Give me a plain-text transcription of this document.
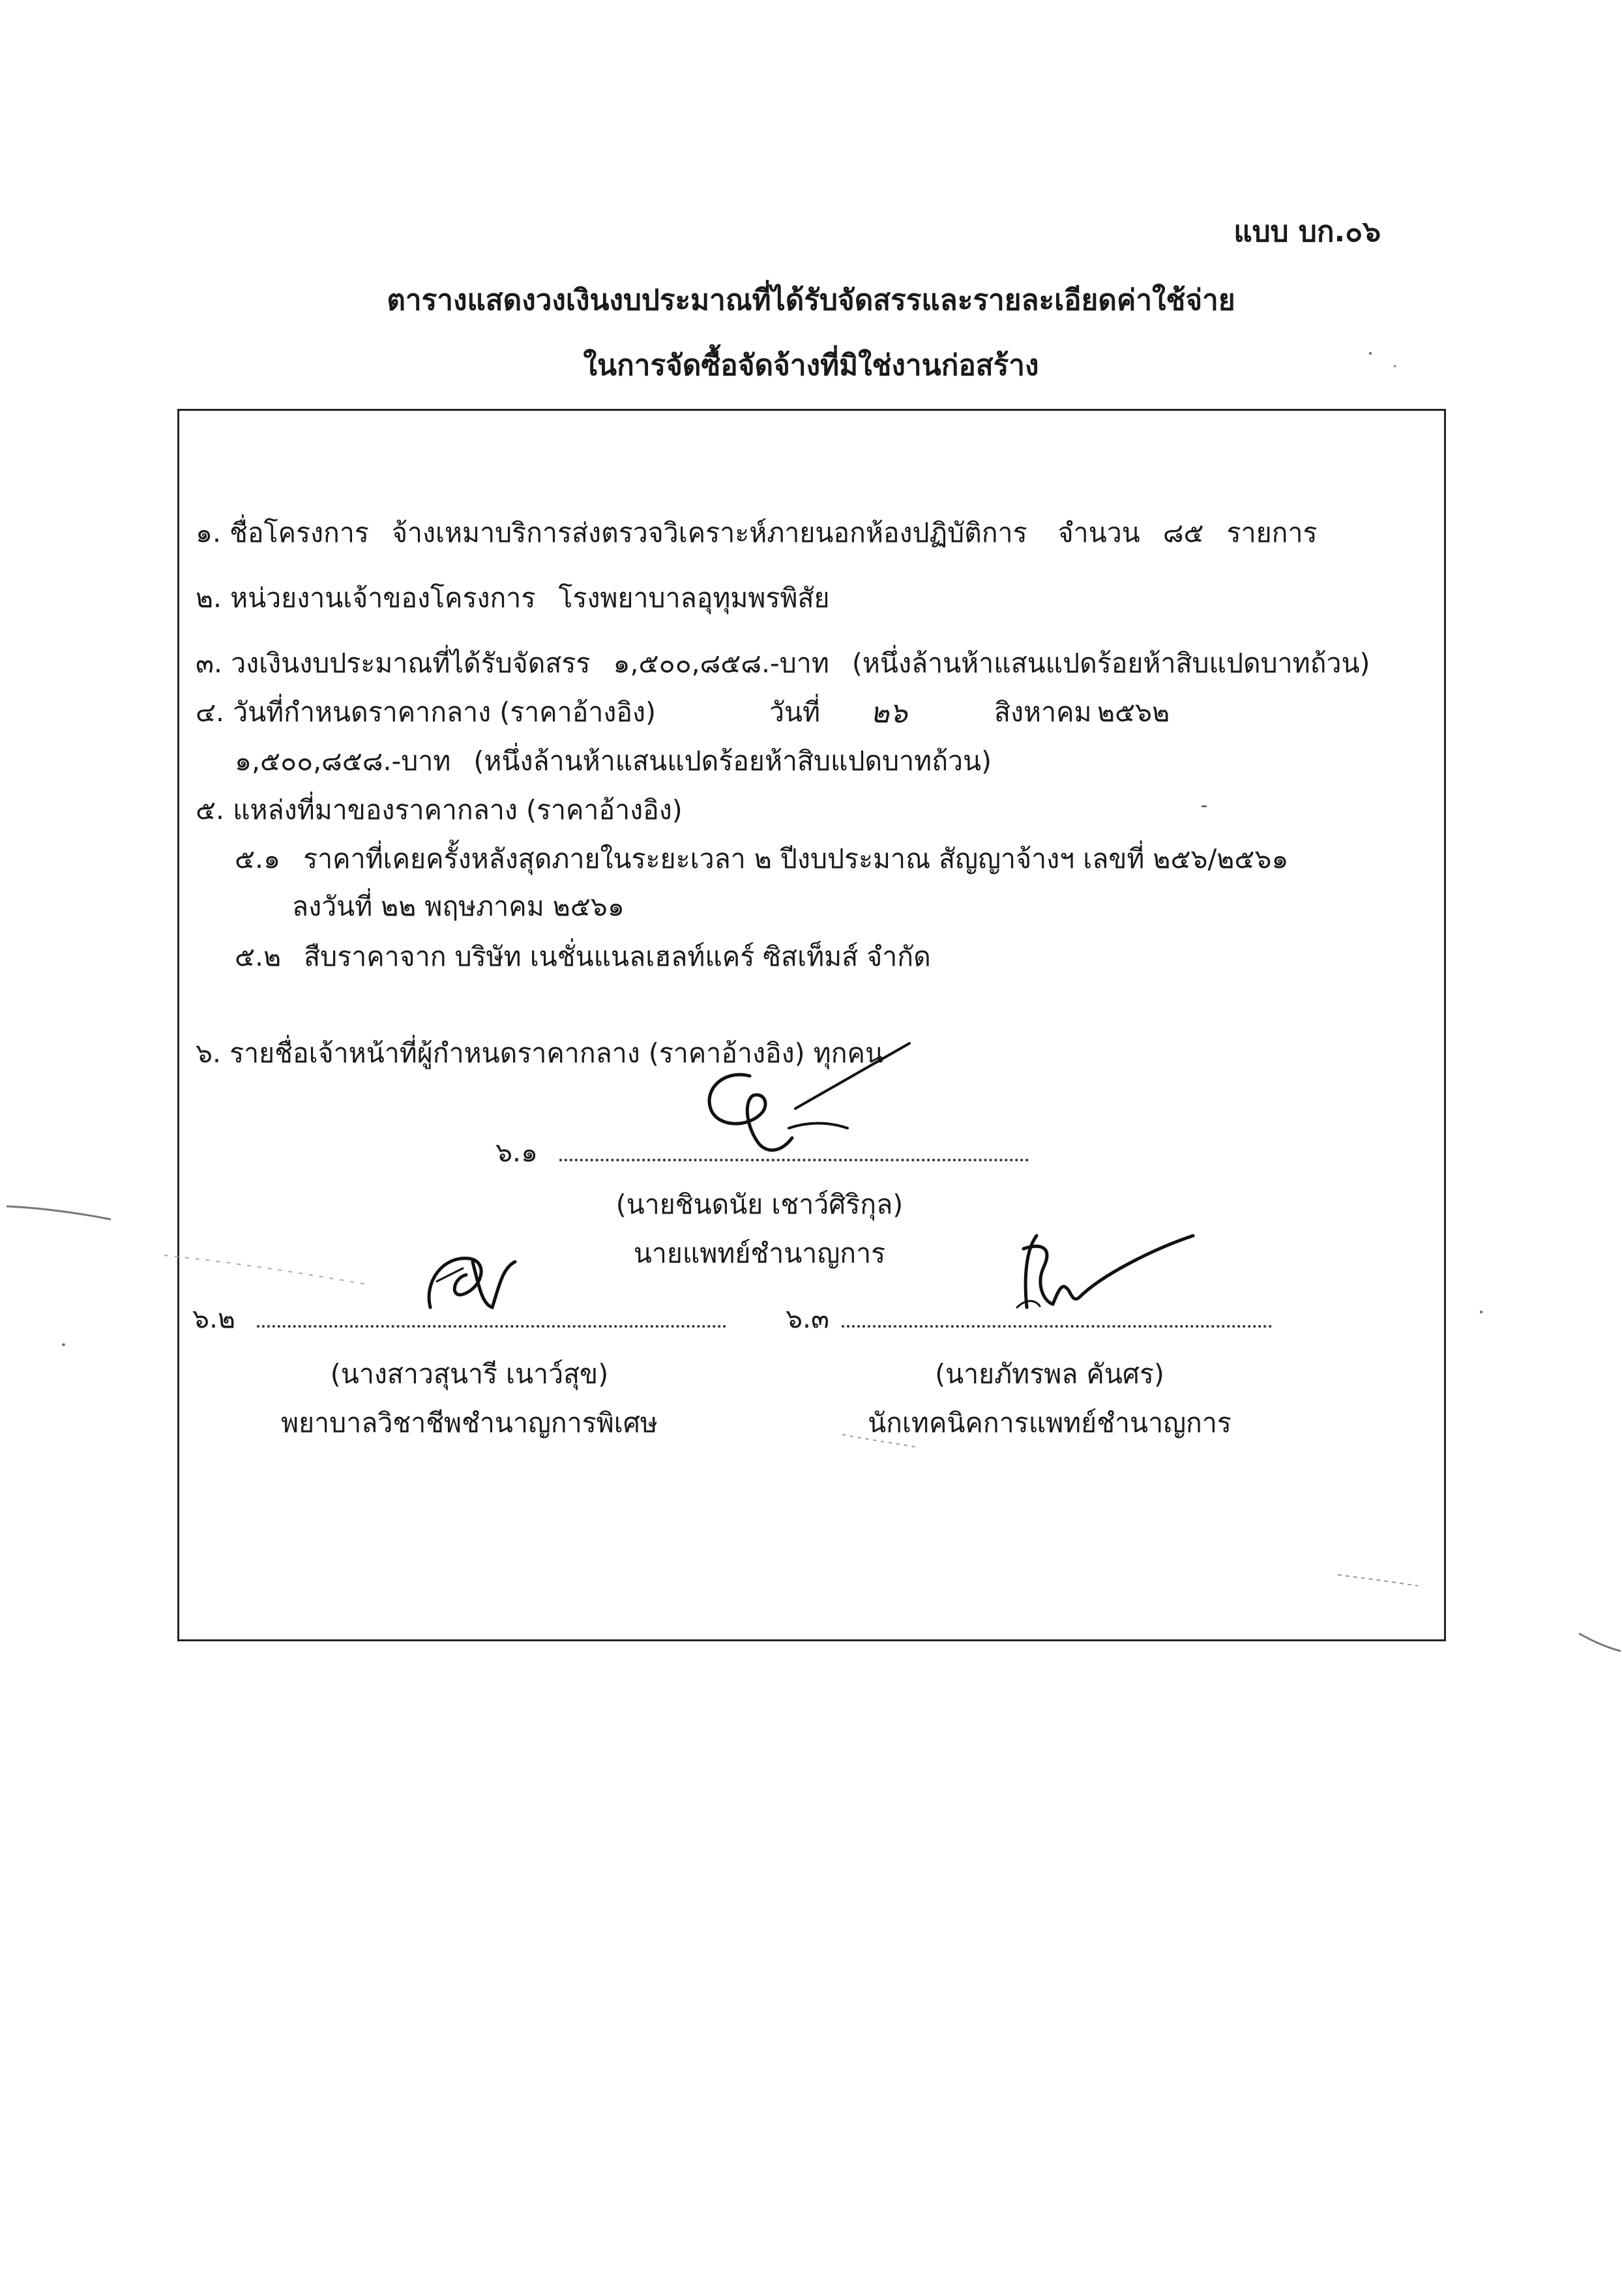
แบบ บก.๐๖
ตารางแสดงวงเงินงบประมาณที่ได้รับจัดสรรและรายละเอียดค่าใช้จ่าย
ในการจัดซื้อจัดจ้างที่มิใช่งานก่อสร้าง
๑. ชื่อโครงการ จ้างเหมาบริการส่งตรวจวิเคราะห์ภายนอกห้องปฏิบัติการ จำนวน ๘๕ รายการ
๒. หน่วยงานเจ้าของโครงการ โรงพยาบาลอุทุมพรพิสัย
๓. วงเงินงบประมาณที่ได้รับจัดสรร ๑,๕๐๐,๘๕๘.-บาท (หนึ่งล้านห้าแสนแปดร้อยห้าสิบแปดบาทถ้วน)
๔. วันที่กำหนดราคากลาง (ราคาอ้างอิง)	วันที่ ๒๖	สิงหาคม ๒๕๖๒
๑,๕๐๐,๘๕๘.-บาท (หนึ่งล้านห้าแสนแปดร้อยห้าสิบแปดบาทถ้วน)
๕. แหล่งที่มาของราคากลาง (ราคาอ้างอิง)
๕.๑ ราคาที่เคยครั้งหลังสุดภายในระยะเวลา ๒ ปีงบประมาณ สัญญาจ้างฯ เลขที่ ๒๕๖/๒๕๖๑
ลงวันที่ ๒๒ พฤษภาคม ๒๕๖๑
๕.๒ สืบราคาจาก บริษัท เนชั่นแนลเฮลท์แคร์ ซิสเท็มส์ จำกัด
๖. รายชื่อเจ้าหน้าที่ผู้กำหนดราคากลาง (ราคาอ้างอิง) ทุกคน
๖.๑
(นายชินดนัย เชาว์ศิริกุล)
นายแพทย์ชำนาญการ
๖.๒
(นางสาวสุนารี เนาว์สุข)
พยาบาลวิชาชีพชำนาญการพิเศษ
๖.๓
(นายภัทรพล คันศร)
นักเทคนิคการแพทย์ชำนาญการ
